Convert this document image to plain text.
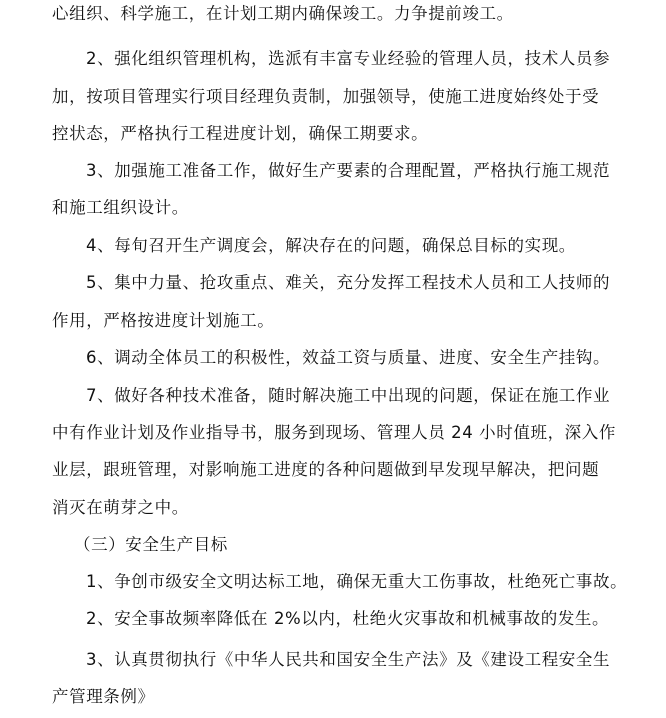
心组织、科学施工，在计划工期内确保竣工。力争提前竣工。
2、强化组织管理机构，选派有丰富专业经验的管理人员，技术人员参
加，按项目管理实行项目经理负责制，加强领导，使施工进度始终处于受
控状态，严格执行工程进度计划，确保工期要求。
3、加强施工准备工作，做好生产要素的合理配置，严格执行施工规范
和施工组织设计。
4、每旬召开生产调度会，解决存在的问题，确保总目标的实现。
5、集中力量、抢攻重点、难关，充分发挥工程技术人员和工人技师的
作用，严格按进度计划施工。
6、调动全体员工的积极性，效益工资与质量、进度、安全生产挂钩。
7、做好各种技术准备，随时解决施工中出现的问题，保证在施工作业
中有作业计划及作业指导书，服务到现场、管理人员 24 小时值班，深入作
业层，跟班管理，对影响施工进度的各种问题做到早发现早解决，把问题
消灭在萌芽之中。
（三）安全生产目标
1、争创市级安全文明达标工地，确保无重大工伤事故，杜绝死亡事故。
2、安全事故频率降低在 2%以内，杜绝火灾事故和机械事故的发生。
3、认真贯彻执行《中华人民共和国安全生产法》及《建设工程安全生
产管理条例》
